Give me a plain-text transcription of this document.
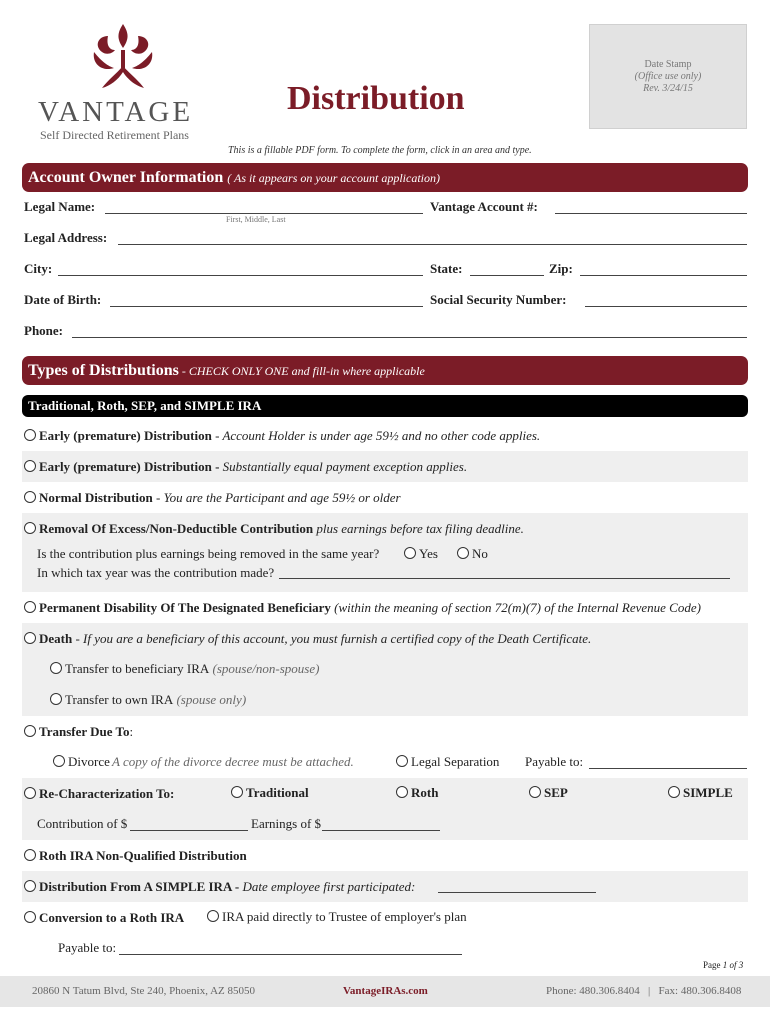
VANTAGE
Self Directed Retirement Plans
Distribution
Date Stamp
(Office use only)
Rev. 3/24/15
This is a fillable PDF form. To complete the form, click in an area and type.
Account Owner Information ( As it appears on your account application)
Legal Name:
First, Middle, Last
Vantage Account #:
Legal Address:
City:	State:	Zip:
Date of Birth:	Social Security Number:
Phone:
Types of Distributions - CHECK ONLY ONE and fill-in where applicable
Traditional, Roth, SEP, and SIMPLE IRA
Early (premature) Distribution - Account Holder is under age 59½ and no other code applies.
Early (premature) Distribution - Substantially equal payment exception applies.
Normal Distribution - You are the Participant and age 59½ or older
Removal Of Excess/Non-Deductible Contribution plus earnings before tax filing deadline.
Is the contribution plus earnings being removed in the same year?	Yes	No
In which tax year was the contribution made?
Permanent Disability Of The Designated Beneficiary (within the meaning of section 72(m)(7) of the Internal Revenue Code)
Death - If you are a beneficiary of this account, you must furnish a certified copy of the Death Certificate.
Transfer to beneficiary IRA (spouse/non-spouse)
Transfer to own IRA (spouse only)
Transfer Due To:
Divorce A copy of the divorce decree must be attached.	Legal Separation Payable to:
Re-Characterization To:	Traditional	Roth	SEP	SIMPLE
Contribution of $	Earnings of $
Roth IRA Non-Qualified Distribution
Distribution From A SIMPLE IRA - Date employee first participated:
Conversion to a Roth IRA	IRA paid directly to Trustee of employer's plan
Payable to:
Page 1 of 3
20860 N Tatum Blvd, Ste 240, Phoenix, AZ 85050	VantageIRAs.com	Phone: 480.306.8404   |   Fax: 480.306.8408
